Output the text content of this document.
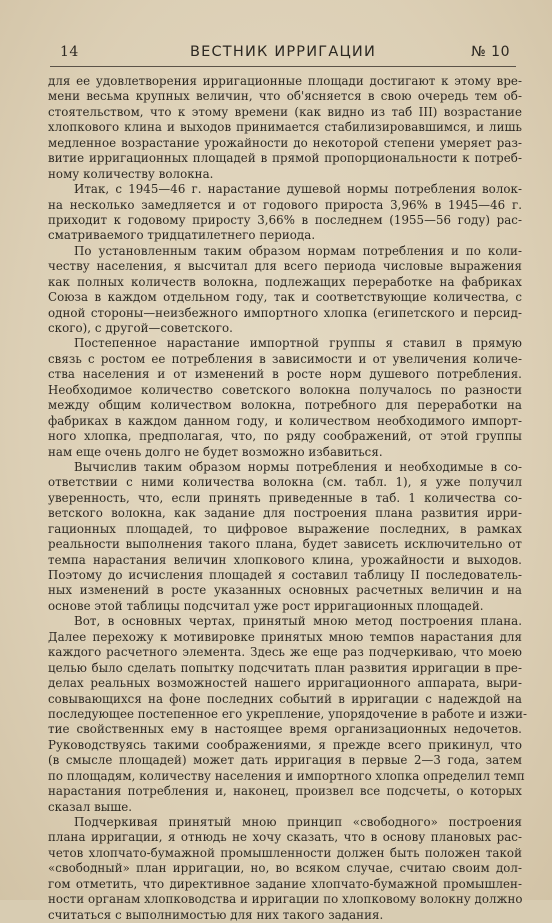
14	ВЕСТНИК ИРРИГАЦИИ	№ 10
для ее удовлетворения ирригационные площади достигают к этому вре-
мени весьма крупных величин, что об'ясняется в свою очередь тем об-
стоятельством, что к этому времени (как видно из таб III) возрастание
хлопкового клина и выходов принимается стабилизировавшимся, и лишь
медленное возрастание урожайности до некоторой степени умеряет раз-
витие ирригационных площадей в прямой пропорциональности к потреб-
ному количеству волокна.
Итак, с 1945—46 г. нарастание душевой нормы потребления волок-
на несколько замедляется и от годового прироста 3,96% в 1945—46 г.
приходит к годовому приросту 3,66% в последнем (1955—56 году) рас-
сматриваемого тридцатилетнего периода.
По установленным таким образом нормам потребления и по коли-
честву населения, я высчитал для всего периода числовые выражения
как полных количеств волокна, подлежащих переработке на фабриках
Союза в каждом отдельном году, так и соответствующие количества, с
одной стороны—неизбежного импортного хлопка (египетского и персид-
ского), с другой—советского.
Постепенное нарастание импортной группы я ставил в прямую
связь с ростом ее потребления в зависимости и от увеличения количе-
ства населения и от изменений в росте норм душевого потребления.
Необходимое количество советского волокна получалось по разности
между общим количеством волокна, потребного для переработки на
фабриках в каждом данном году, и количеством необходимого импорт-
ного хлопка, предполагая, что, по ряду соображений, от этой группы
нам еще очень долго не будет возможно избавиться.
Вычислив таким образом нормы потребления и необходимые в со-
ответствии с ними количества волокна (см. табл. 1), я уже получил
уверенность, что, если принять приведенные в таб. 1 количества со-
ветского волокна, как задание для построения плана развития ирри-
гационных площадей, то цифровое выражение последних, в рамках
реальности выполнения такого плана, будет зависеть исключительно от
темпа нарастания величин хлопкового клина, урожайности и выходов.
Поэтому до исчисления площадей я составил таблицу II последователь-
ных изменений в росте указанных основных расчетных величин и на
основе этой таблицы подсчитал уже рост ирригационных площадей.
Вот, в основных чертах, принятый мною метод построения плана.
Далее перехожу к мотивировке принятых мною темпов нарастания для
каждого расчетного элемента. Здесь же еще раз подчеркиваю, что моею
целью было сделать попытку подсчитать план развития ирригации в пре-
делах реальных возможностей нашего ирригационного аппарата, выри-
совывающихся на фоне последних событий в ирригации с надеждой на
последующее постепенное его укрепление, упорядочение в работе и изжи-
тие свойственных ему в настоящее время организационных недочетов.
Руководствуясь такими соображениями, я прежде всего прикинул, что
(в смысле площадей) может дать ирригация в первые 2—3 года, затем
по площадям, количеству населения и импортного хлопка определил темп
нарастания потребления и, наконец, произвел все подсчеты, о которых
сказал выше.
Подчеркивая принятый мною принцип «свободного» построения
плана ирригации, я отнюдь не хочу сказать, что в основу плановых рас-
четов хлопчато-бумажной промышленности должен быть положен такой
«свободный» план ирригации, но, во всяком случае, считаю своим дол-
гом отметить, что директивное задание хлопчато-бумажной промышлен-
ности органам хлопководства и ирригации по хлопковому волокну должно
считаться с выполнимостью для них такого задания.
